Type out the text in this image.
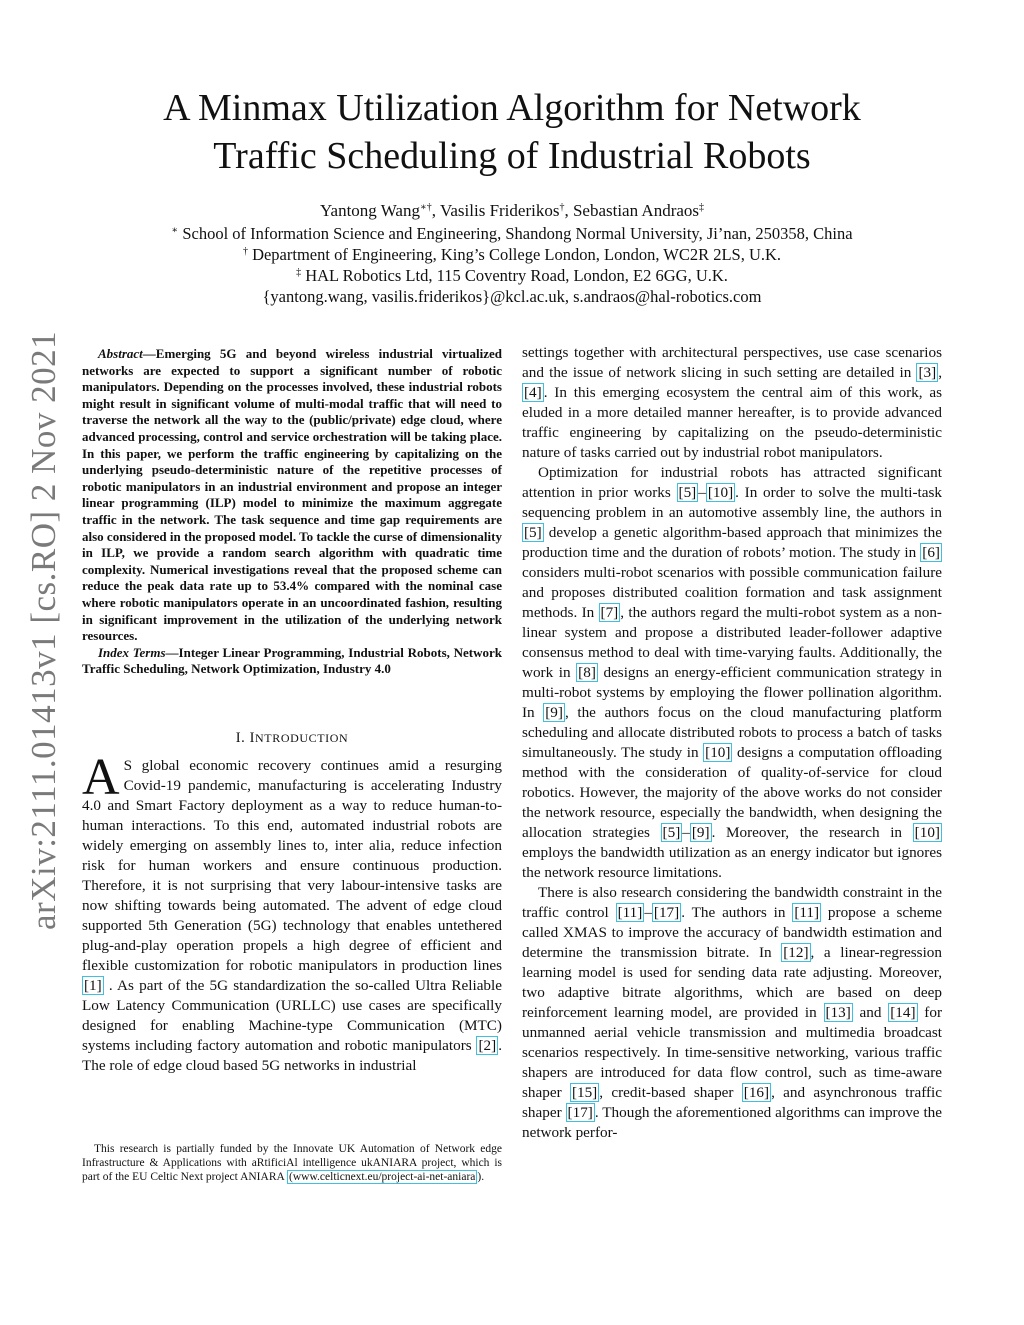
arXiv:2111.01413v1 [cs.RO] 2 Nov 2021
A Minmax Utilization Algorithm for Network
Traffic Scheduling of Industrial Robots
Yantong Wang∗†, Vasilis Friderikos†, Sebastian Andraos‡
∗ School of Information Science and Engineering, Shandong Normal University, Ji’nan, 250358, China
† Department of Engineering, King’s College London, London, WC2R 2LS, U.K.
‡ HAL Robotics Ltd, 115 Coventry Road, London, E2 6GG, U.K.
{yantong.wang, vasilis.friderikos}@kcl.ac.uk, s.andraos@hal-robotics.com

Abstract—Emerging 5G and beyond wireless industrial virtualized networks are expected to support a significant number of robotic manipulators. Depending on the processes involved, these industrial robots might result in significant volume of multi-modal traffic that will need to traverse the network all the way to the (public/private) edge cloud, where advanced processing, control and service orchestration will be taking place. In this paper, we perform the traffic engineering by capitalizing on the underlying pseudo-deterministic nature of the repetitive processes of robotic manipulators in an industrial environment and propose an integer linear programming (ILP) model to minimize the maximum aggregate traffic in the network. The task sequence and time gap requirements are also considered in the proposed model. To tackle the curse of dimensionality in ILP, we provide a random search algorithm with quadratic time complexity. Numerical investigations reveal that the proposed scheme can reduce the peak data rate up to 53.4% compared with the nominal case where robotic manipulators operate in an uncoordinated fashion, resulting in significant improvement in the utilization of the underlying network resources.

Index Terms—Integer Linear Programming, Industrial Robots, Network Traffic Scheduling, Network Optimization, Industry 4.0

I. INTRODUCTION

A S global economic recovery continues amid a resurging Covid-19 pandemic, manufacturing is accelerating Industry 4.0 and Smart Factory deployment as a way to reduce human-to-human interactions. To this end, automated industrial robots are widely emerging on assembly lines to, inter alia, reduce infection risk for human workers and ensure continuous production. Therefore, it is not surprising that very labour-intensive tasks are now shifting towards being automated. The advent of edge cloud supported 5th Generation (5G) technology that enables untethered plug-and-play operation propels a high degree of efficient and flexible customization for robotic manipulators in production lines [1] . As part of the 5G standardization the so-called Ultra Reliable Low Latency Communication (URLLC) use cases are specifically designed for enabling Machine-type Communication (MTC) systems including factory automation and robotic manipulators [2] . The role of edge cloud based 5G networks in industrial

This research is partially funded by the Innovate UK Automation of Network edge Infrastructure & Applications with aRtificiAl intelligence ukANIARA project, which is part of the EU Celtic Next project ANIARA (www.celticnext.eu/project-ai-net-aniara ).

settings together with architectural perspectives, use case scenarios and the issue of network slicing in such setting are detailed in [3] , [4] . In this emerging ecosystem the central aim of this work, as eluded in a more detailed manner hereafter, is to provide advanced traffic engineering by capitalizing on the pseudo-deterministic nature of tasks carried out by industrial robot manipulators.

Optimization for industrial robots has attracted significant attention in prior works [5] – [10] . In order to solve the multi-task sequencing problem in an automotive assembly line, the authors in [5] develop a genetic algorithm-based approach that minimizes the production time and the duration of robots’ motion. The study in [6] considers multi-robot scenarios with possible communication failure and proposes distributed coalition formation and task assignment methods. In [7] , the authors regard the multi-robot system as a non-linear system and propose a distributed leader-follower adaptive consensus method to deal with time-varying faults. Additionally, the work in [8] designs an energy-efficient communication strategy in multi-robot systems by employing the flower pollination algorithm. In [9] , the authors focus on the cloud manufacturing platform scheduling and allocate distributed robots to process a batch of tasks simultaneously. The study in [10] designs a computation offloading method with the consideration of quality-of-service for cloud robotics. However, the majority of the above works do not consider the network resource, especially the bandwidth, when designing the allocation strategies [5] – [9] . Moreover, the research in [10] employs the bandwidth utilization as an energy indicator but ignores the network resource limitations.

There is also research considering the bandwidth constraint in the traffic control [11] – [17] . The authors in [11] propose a scheme called XMAS to improve the accuracy of bandwidth estimation and determine the transmission bitrate. In [12] , a linear-regression learning model is used for sending data rate adjusting. Moreover, two adaptive bitrate algorithms, which are based on deep reinforcement learning model, are provided in [13] and [14] for unmanned aerial vehicle transmission and multimedia broadcast scenarios respectively. In time-sensitive networking, various traffic shapers are introduced for data flow control, such as time-aware shaper [15] , credit-based shaper [16] , and asynchronous traffic shaper [17] . Though the aforementioned algorithms can improve the network perfor-
